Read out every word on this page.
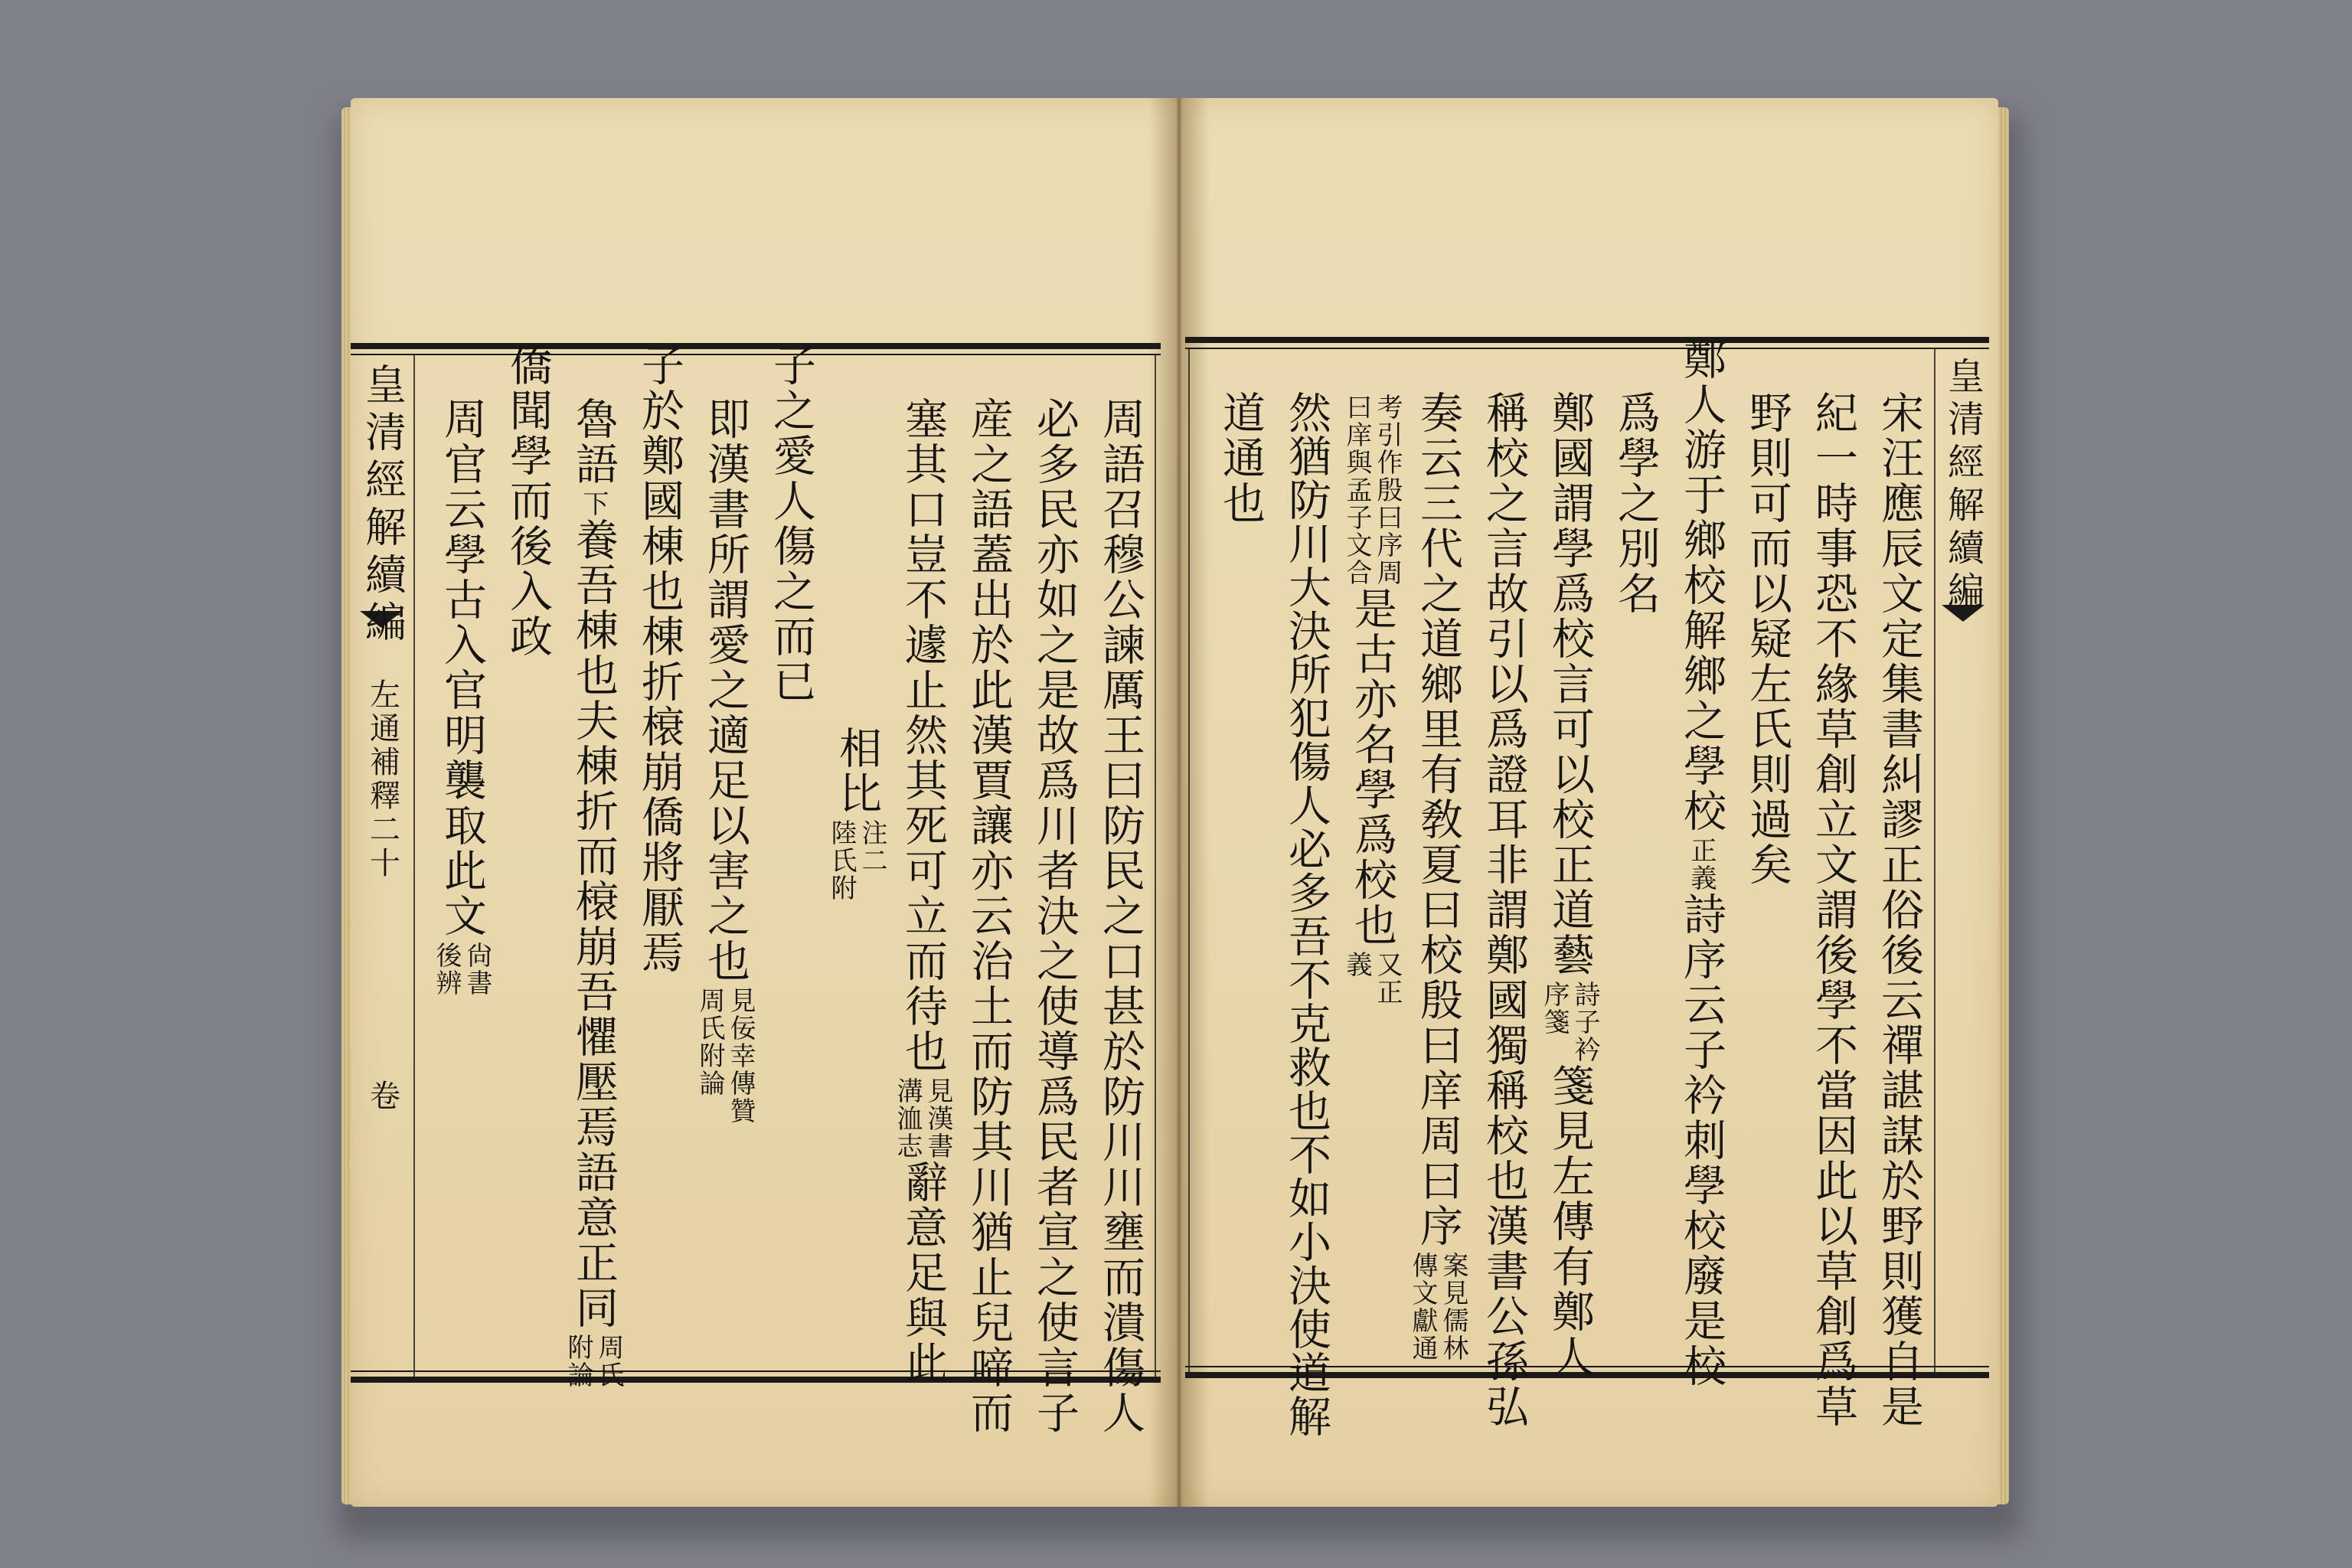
皇清經解續編
左通補釋二十
卷	周語召穆公諫厲王曰防民之口甚於防川川壅而潰傷人
必多民亦如之是故爲川者決之使導爲民者宣之使言子
産之語蓋出於此漢賈讓亦云治土而防其川猶止兒啼而
塞其口豈不遽止然其死可立而待也
見漢書
溝洫志
辭意足與此
相比
注二
陸氏附
子之愛人傷之而已
即漢書所謂愛之適足以害之也
見佞幸傳贊
周氏附論
子於鄭國棟也棟折榱崩僑將厭焉
魯語
下
養吾棟也夫棟折而榱崩吾懼壓焉語意正同
周氏
附論
僑聞學而後入政
周官云學古入官明襲取此文
尙書
後辨
皇清經解續編
宋汪應辰文定集書糾謬正俗後云禪諶謀於野則獲自是
紀一時事恐不緣草創立文謂後學不當因此以草創爲草
野則可而以疑左氏則過矣
鄭人游于鄉校解鄉之學校
正義
詩序云子衿刺學校廢是校
爲學之別名
鄭國謂學爲校言可以校正道藝
詩子衿
序箋
箋見左傳有鄭人
稱校之言故引以爲證耳非謂鄭國獨稱校也漢書公孫弘
奏云三代之道鄉里有敎夏曰校殷曰庠周曰序
案見儒林
傳文獻通
考引作殷曰序周
曰庠與孟子文合
是古亦名學爲校也
又正
義
然猶防川大決所犯傷人必多吾不克救也不如小決使道解
道通也
